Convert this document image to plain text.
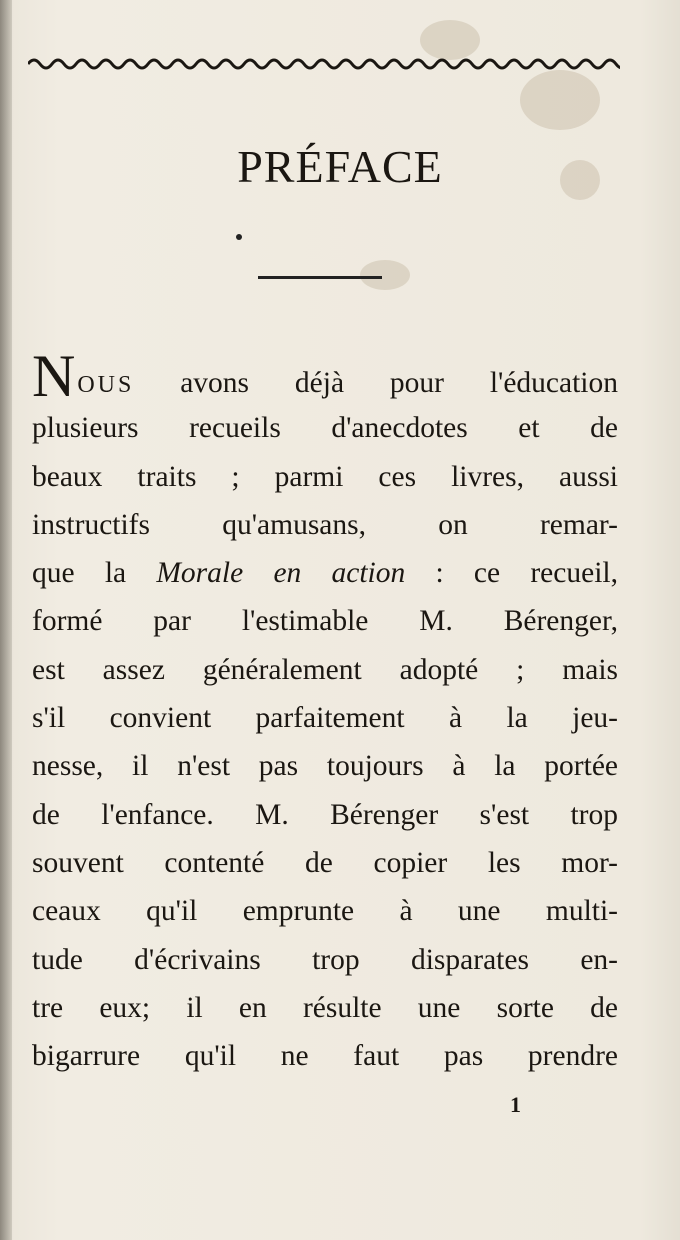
PRÉFACE
NOUS avons déjà pour l'éducation
plusieurs recueils d'anecdotes et de
beaux traits ; parmi ces livres, aussi
instructifs qu'amusans, on remar-
que la Morale en action : ce recueil,
formé par l'estimable M. Bérenger,
est assez généralement adopté ; mais
s'il convient parfaitement à la jeu-
nesse, il n'est pas toujours à la portée
de l'enfance. M. Bérenger s'est trop
souvent contenté de copier les mor-
ceaux qu'il emprunte à une multi-
tude d'écrivains trop disparates en-
tre eux; il en résulte une sorte de
bigarrure qu'il ne faut pas prendre
1
